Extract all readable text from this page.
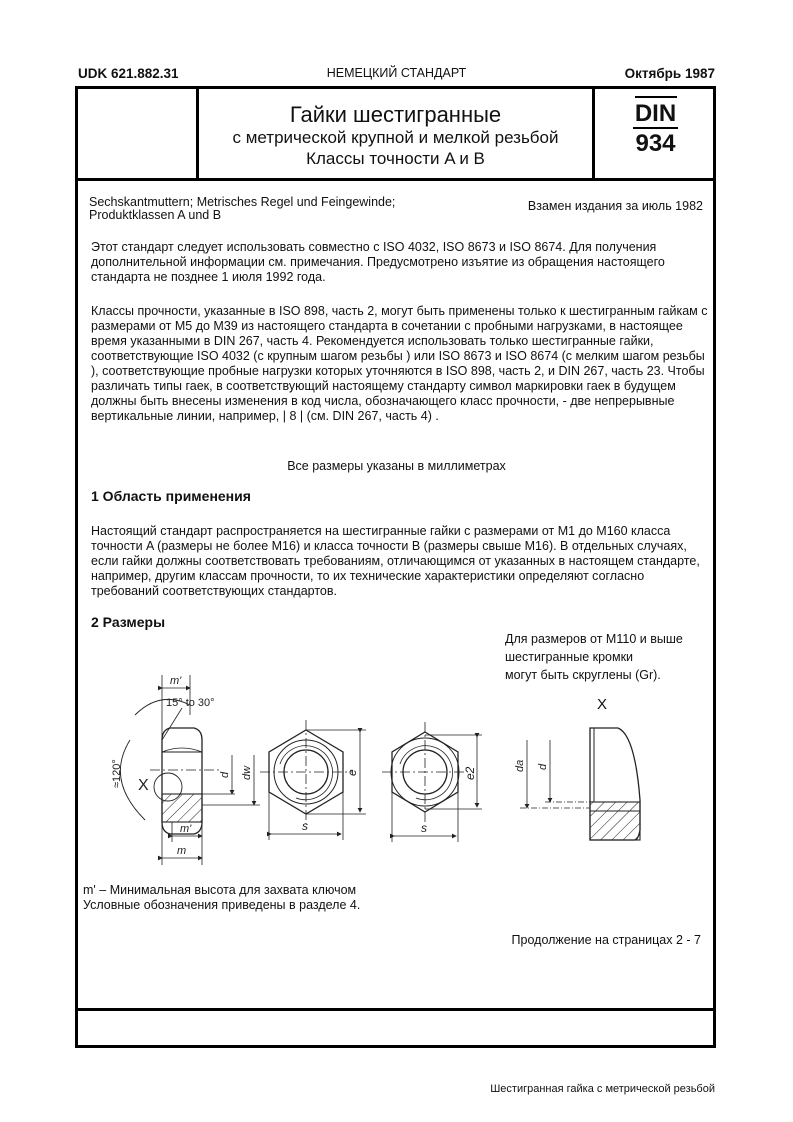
UDK 621.882.31	НЕМЕЦКИЙ СТАНДАРТ	Октябрь 1987
Гайки шестигранные
с метрической крупной и мелкой резьбой
Классы точности A и B
DIN
934
Sechskantmuttern; Metrisches Regel und Feingewinde;
Produktklassen A und B
Взамен издания за июль 1982
Этот стандарт следует использовать совместно с ISO 4032, ISO 8673 и ISO 8674. Для получения дополнительной информации см. примечания. Предусмотрено изъятие из обращения настоящего стандарта не позднее 1 июля 1992 года.
Классы прочности, указанные в ISO 898, часть 2, могут быть применены только к шестигранным гайкам с размерами от M5 до M39 из настоящего стандарта в сочетании с пробными нагрузками, в настоящее время указанными в DIN 267, часть 4. Рекомендуется использовать только шестигранные гайки, соответствующие ISO 4032 (с крупным шагом резьбы ) или ISO 8673 и ISO 8674 (с мелким шагом резьбы ), соответствующие пробные нагрузки которых уточняются в ISO 898, часть 2, и DIN 267, часть 23. Чтобы различать типы гаек, в соответствующий настоящему стандарту символ маркировки гаек в будущем должны быть внесены изменения в код числа, обозначающего класс прочности, - две непрерывные вертикальные линии, например, | 8 | (см. DIN 267, часть 4) .
Все размеры указаны в миллиметрах
1 Область применения
Настоящий стандарт распространяется на шестигранные гайки с размерами от M1 до M160 класса точности A (размеры не более M16) и класса точности B (размеры свыше M16). В отдельных случаях, если гайки должны соответствовать требованиям, отличающимся от указанных в настоящем стандарте, например, другим классам прочности, то их технические характеристики определяют согласно требований соответствующих стандартов.
2 Размеры
Для размеров от M110 и выше
шестигранные кромки
могут быть скруглены (Gr).
X
m'
15° to 30°
≈120° X
d dw
m'
m
e
s
e2
s
da d
m' – Минимальная высота для захвата ключом
Условные обозначения приведены в разделе 4.
Продолжение на страницах 2 - 7
Шестигранная гайка с метрической резьбой
